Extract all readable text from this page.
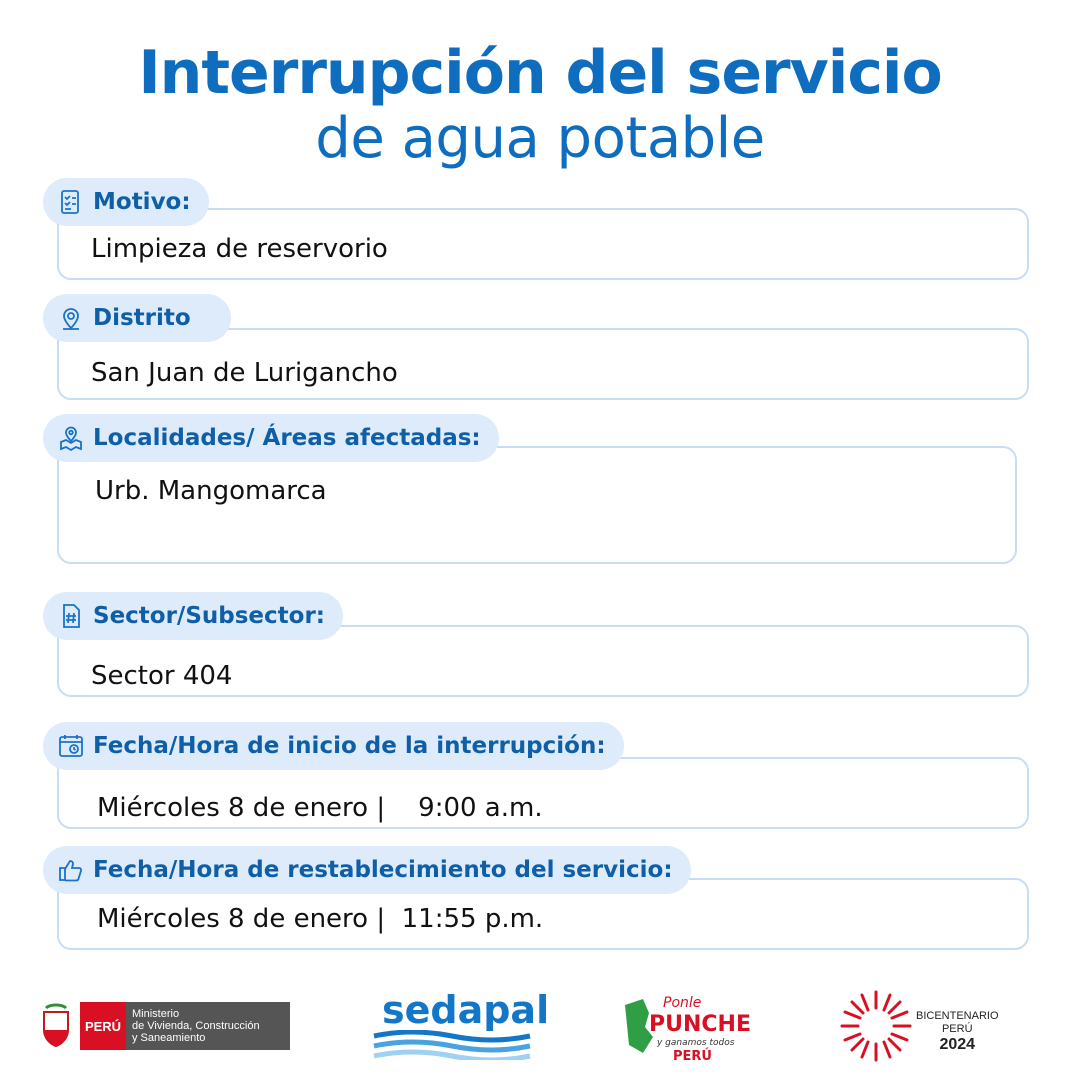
Interrupción del servicio
de agua potable
Limpieza de reservorio
Motivo:
San Juan de Lurigancho
Distrito
Urb. Mangomarca
Localidades/ Áreas afectadas:
Sector 404
Sector/Subsector:
Miércoles 8 de enero |    9:00 a.m.
Fecha/Hora de inicio de la interrupción:
Miércoles 8 de enero |  11:55 p.m.
Fecha/Hora de restablecimiento del servicio:
PERÚ
Ministerio
de Vivienda, Construcción
y Saneamiento
sedapal	Ponle
PUNCHE
y ganamos todos
PERÚ
BICENTENARIO
PERÚ
2024
